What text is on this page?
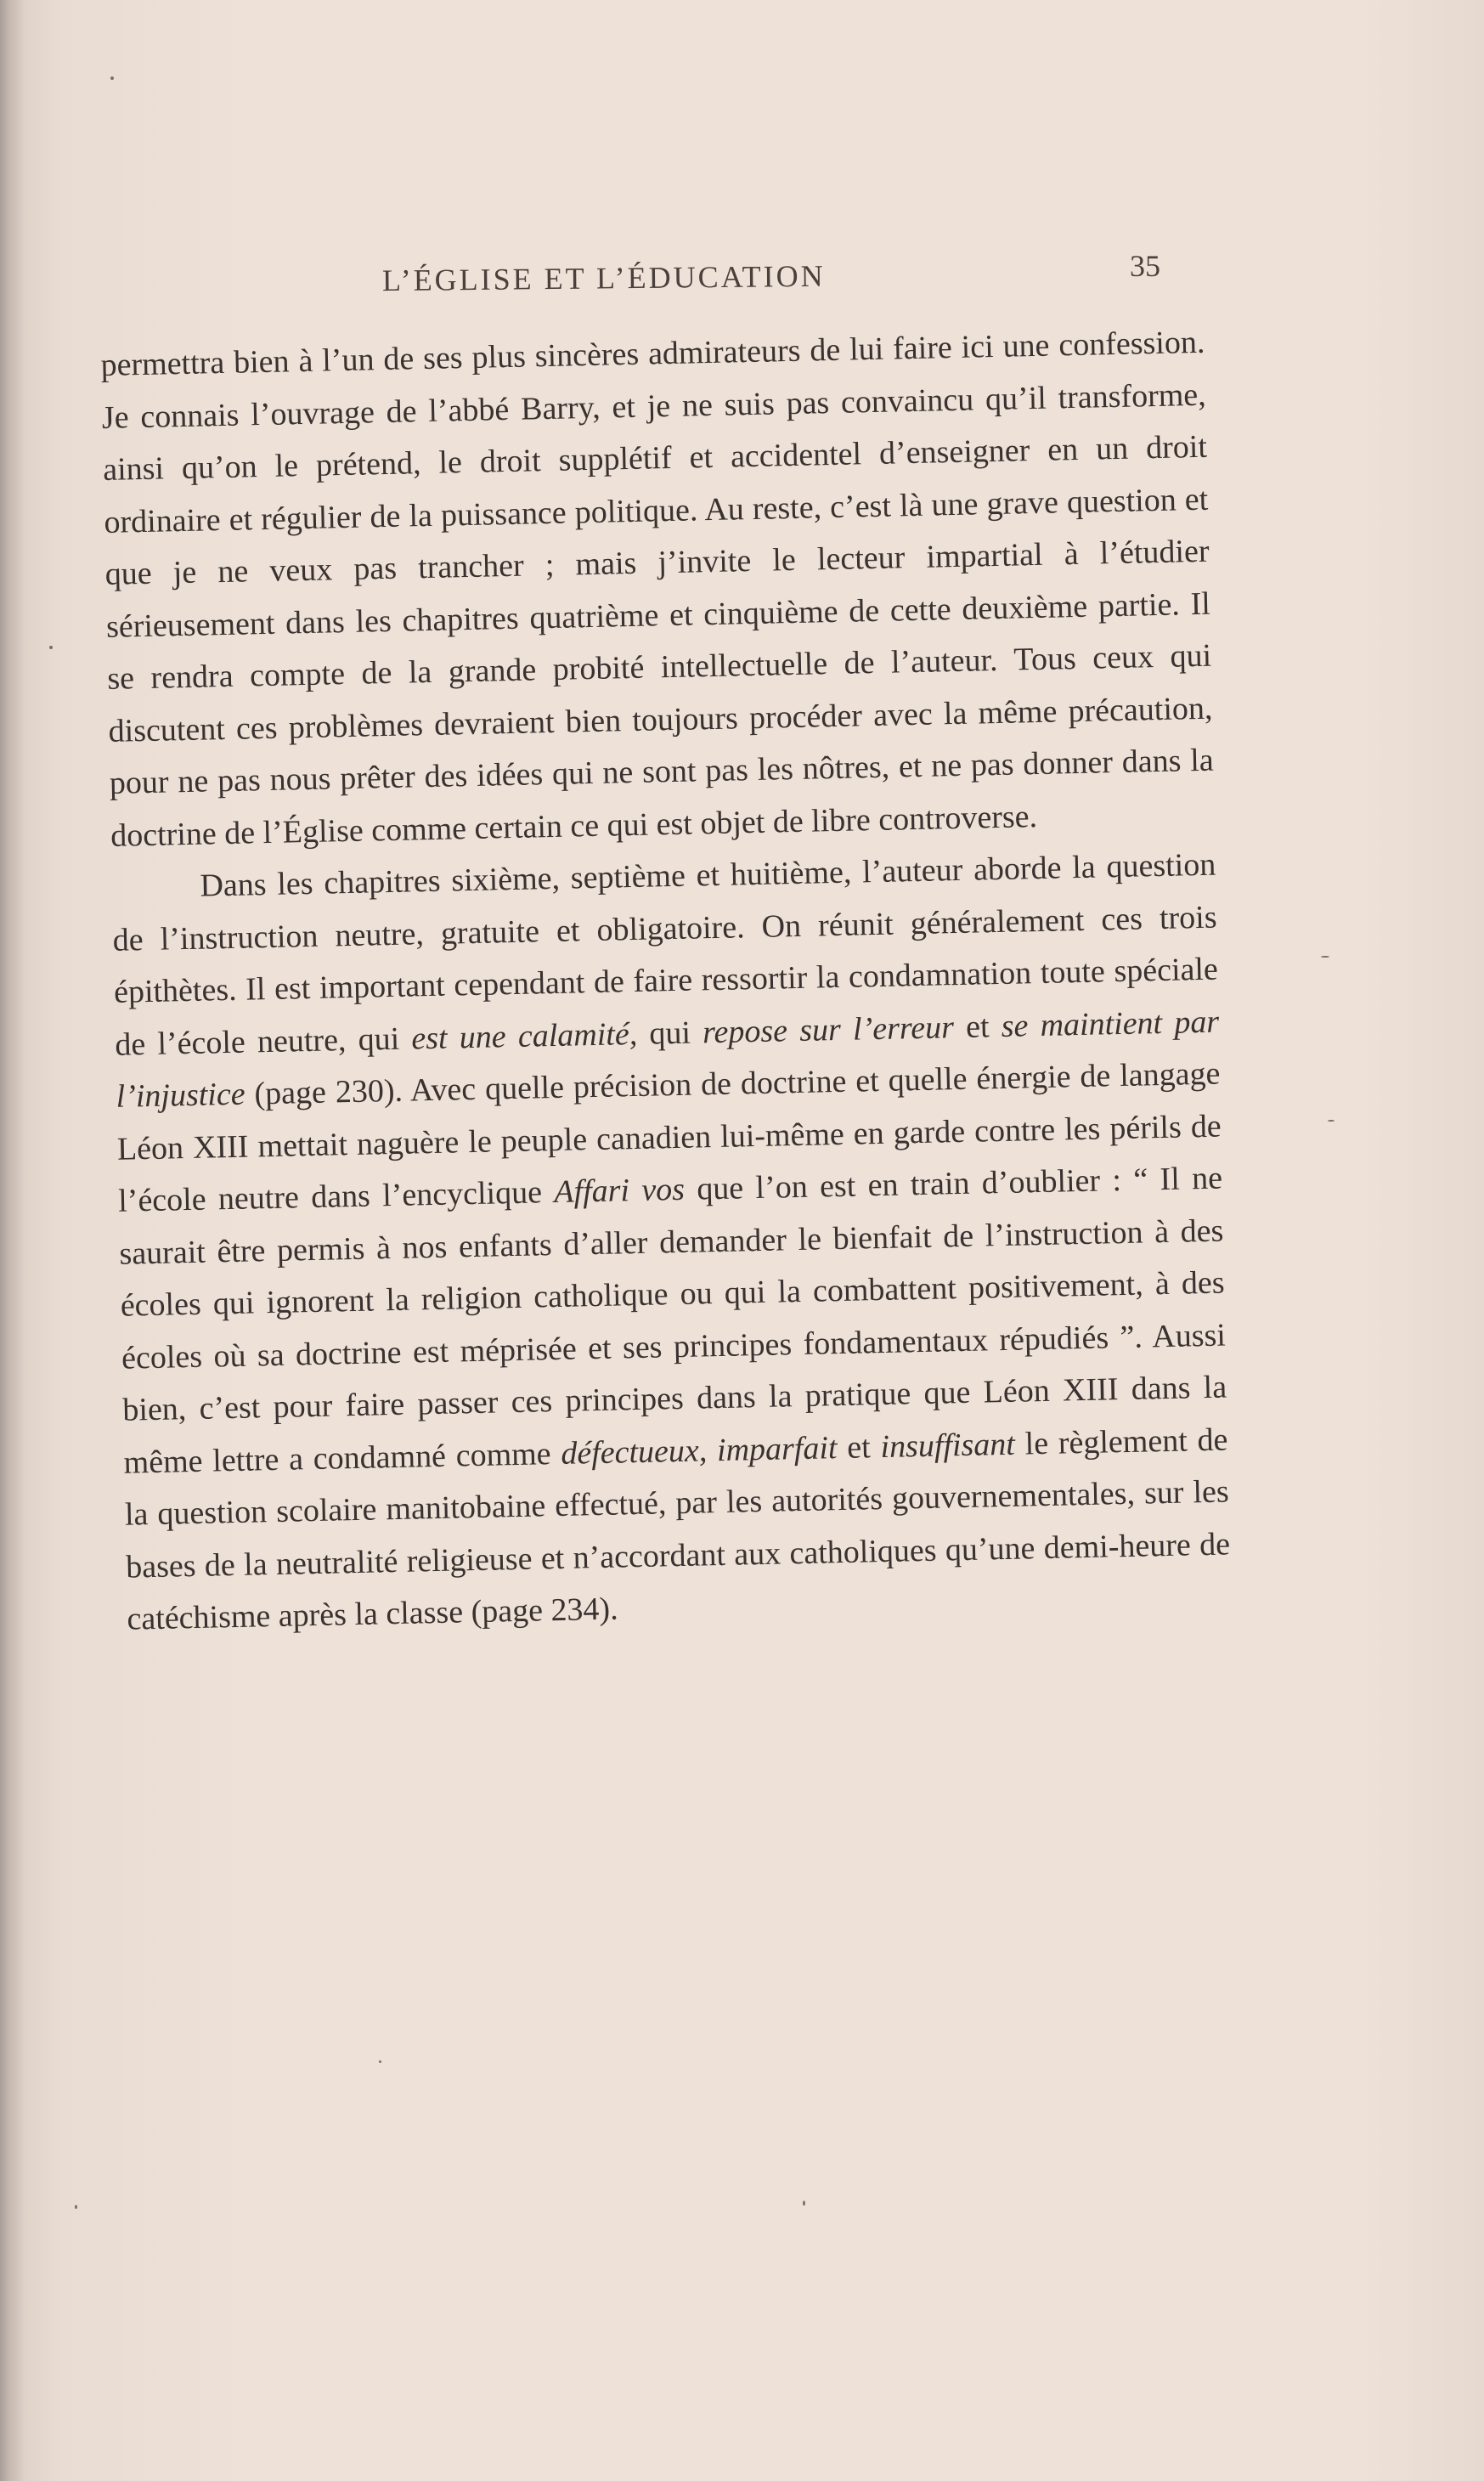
L’ÉGLISE ET L’ÉDUCATION	35

permettra bien à l’un de ses plus sincères admirateurs de lui faire ici une confession. Je connais l’ouvrage de l’abbé Barry, et je ne suis pas convaincu qu’il transforme, ainsi qu’on le prétend, le droit supplétif et accidentel d’enseigner en un droit ordinaire et régulier de la puissance politique. Au reste, c’est là une grave question et que je ne veux pas trancher ; mais j’invite le lecteur impartial à l’étudier sérieusement dans les chapitres quatrième et cinquième de cette deuxième partie. Il se rendra compte de la grande probité intellectuelle de l’auteur. Tous ceux qui discutent ces problèmes devraient bien toujours procéder avec la même précaution, pour ne pas nous prêter des idées qui ne sont pas les nôtres, et ne pas donner dans la doctrine de l’Église comme certain ce qui est objet de libre controverse.

Dans les chapitres sixième, septième et huitième, l’auteur aborde la question de l’instruction neutre, gratuite et obligatoire. On réunit généralement ces trois épithètes. Il est important cependant de faire ressortir la condamnation toute spéciale de l’école neutre, qui est une calamité, qui repose sur l’erreur et se maintient par l’injustice (page 230). Avec quelle précision de doctrine et quelle énergie de langage Léon XIII mettait naguère le peuple canadien lui-même en garde contre les périls de l’école neutre dans l’encyclique Affari vos que l’on est en train d’oublier : “ Il ne saurait être permis à nos enfants d’aller demander le bienfait de l’instruction à des écoles qui ignorent la religion catholique ou qui la combattent positivement, à des écoles où sa doctrine est méprisée et ses principes fondamentaux répudiés ”. Aussi bien, c’est pour faire passer ces principes dans la pratique que Léon XIII dans la même lettre a condamné comme défectueux, imparfait et insuffisant le règlement de la question scolaire manitobaine effectué, par les autorités gouvernementales, sur les bases de la neutralité religieuse et n’accordant aux catholiques qu’une demi-heure de catéchisme après la classe (page 234).
